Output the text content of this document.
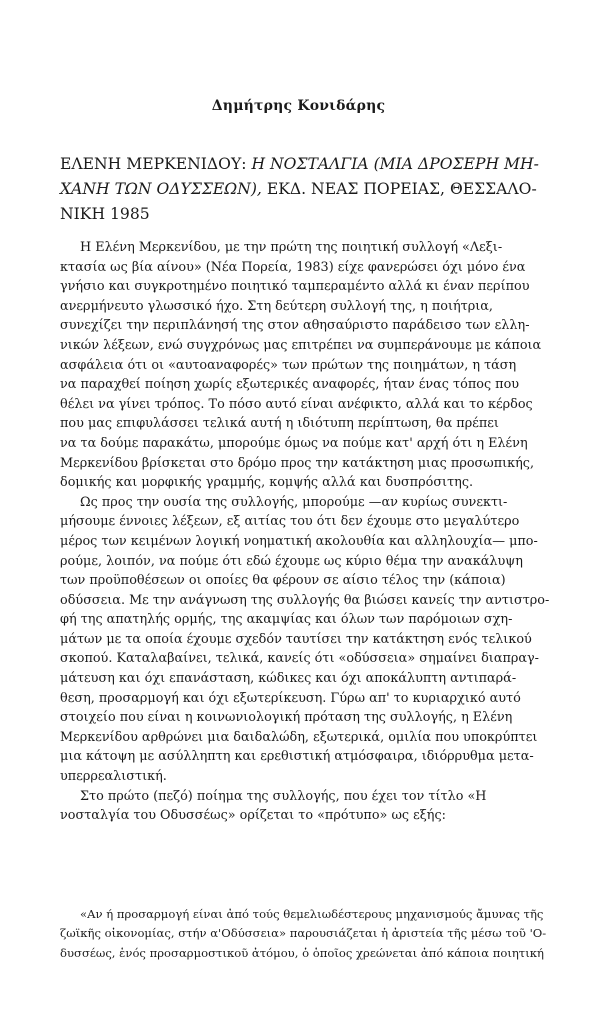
Δημήτρης Κονιδάρης
ΕΛΕΝΗ ΜΕΡΚΕΝΙΔΟΥ: Η ΝΟΣΤΑΛΓΙΑ (ΜΙΑ ΔΡΟΣΕΡΗ ΜΗ-
ΧΑΝΗ ΤΩΝ ΟΔΥΣΣΕΩΝ), ΕΚΔ. ΝΕΑΣ ΠΟΡΕΙΑΣ, ΘΕΣΣΑΛΟ-
ΝΙΚΗ 1985
Η Ελένη Μερκενίδου, με την πρώτη της ποιητική συλλογή «Λεξι-
κτασία ως βία αίνου» (Νέα Πορεία, 1983) είχε φανερώσει όχι μόνο ένα
γνήσιο και συγκροτημένο ποιητικό ταμπεραμέντο αλλά κι έναν περίπου
ανερμήνευτο γλωσσικό ήχο. Στη δεύτερη συλλογή της, η ποιήτρια,
συνεχίζει την περιπλάνησή της στον αθησαύριστο παράδεισο των ελλη-
νικών λέξεων, ενώ συγχρόνως μας επιτρέπει να συμπεράνουμε με κάποια
ασφάλεια ότι οι «αυτοαναφορές» των πρώτων της ποιημάτων, η τάση
να παραχθεί ποίηση χωρίς εξωτερικές αναφορές, ήταν ένας τόπος που
θέλει να γίνει τρόπος. Το πόσο αυτό είναι ανέφικτο, αλλά και το κέρδος
που μας επιφυλάσσει τελικά αυτή η ιδιότυπη περίπτωση, θα πρέπει
να τα δούμε παρακάτω, μπορούμε όμως να πούμε κατ' αρχή ότι η Ελένη
Μερκενίδου βρίσκεται στο δρόμο προς την κατάκτηση μιας προσωπικής,
δομικής και μορφικής γραμμής, κομψής αλλά και δυσπρόσιτης.
Ως προς την ουσία της συλλογής, μπορούμε —αν κυρίως συνεκτι-
μήσουμε έννοιες λέξεων, εξ αιτίας του ότι δεν έχουμε στο μεγαλύτερο
μέρος των κειμένων λογική νοηματική ακολουθία και αλληλουχία— μπο-
ρούμε, λοιπόν, να πούμε ότι εδώ έχουμε ως κύριο θέμα την ανακάλυψη
των προϋποθέσεων οι οποίες θα φέρουν σε αίσιο τέλος την (κάποια)
οδύσσεια. Με την ανάγνωση της συλλογής θα βιώσει κανείς την αντιστρο-
φή της απατηλής ορμής, της ακαμψίας και όλων των παρόμοιων σχη-
μάτων με τα οποία έχουμε σχεδόν ταυτίσει την κατάκτηση ενός τελικού
σκοπού. Καταλαβαίνει, τελικά, κανείς ότι «οδύσσεια» σημαίνει διαπραγ-
μάτευση και όχι επανάσταση, κώδικες και όχι αποκάλυπτη αντιπαρά-
θεση, προσαρμογή και όχι εξωτερίκευση. Γύρω απ' το κυριαρχικό αυτό
στοιχείο που είναι η κοινωνιολογική πρόταση της συλλογής, η Ελένη
Μερκενίδου αρθρώνει μια δαιδαλώδη, εξωτερικά, ομιλία που υποκρύπτει
μια κάτοψη με ασύλληπτη και ερεθιστική ατμόσφαιρα, ιδιόρρυθμα μετα-
υπερρεαλιστική.
Στο πρώτο (πεζό) ποίημα της συλλογής, που έχει τον τίτλο «Η
νοσταλγία του Οδυσσέως» ορίζεται το «πρότυπο» ως εξής:
«Αν ή προσαρμογή είναι ἀπό τούς θεμελιωδέστερους μηχανισμούς ἄμυνας τῆς
ζωϊκῆς οἰκονομίας, στήν α'Οδύσσεια» παρουσιάζεται ἡ ἀριστεία τῆς μέσω τοῦ 'Ο-
δυσσέως, ἑνός προσαρμοστικοῦ ἀτόμου, ὁ ὁποῖος χρεώνεται ἀπό κάποια ποιητική
